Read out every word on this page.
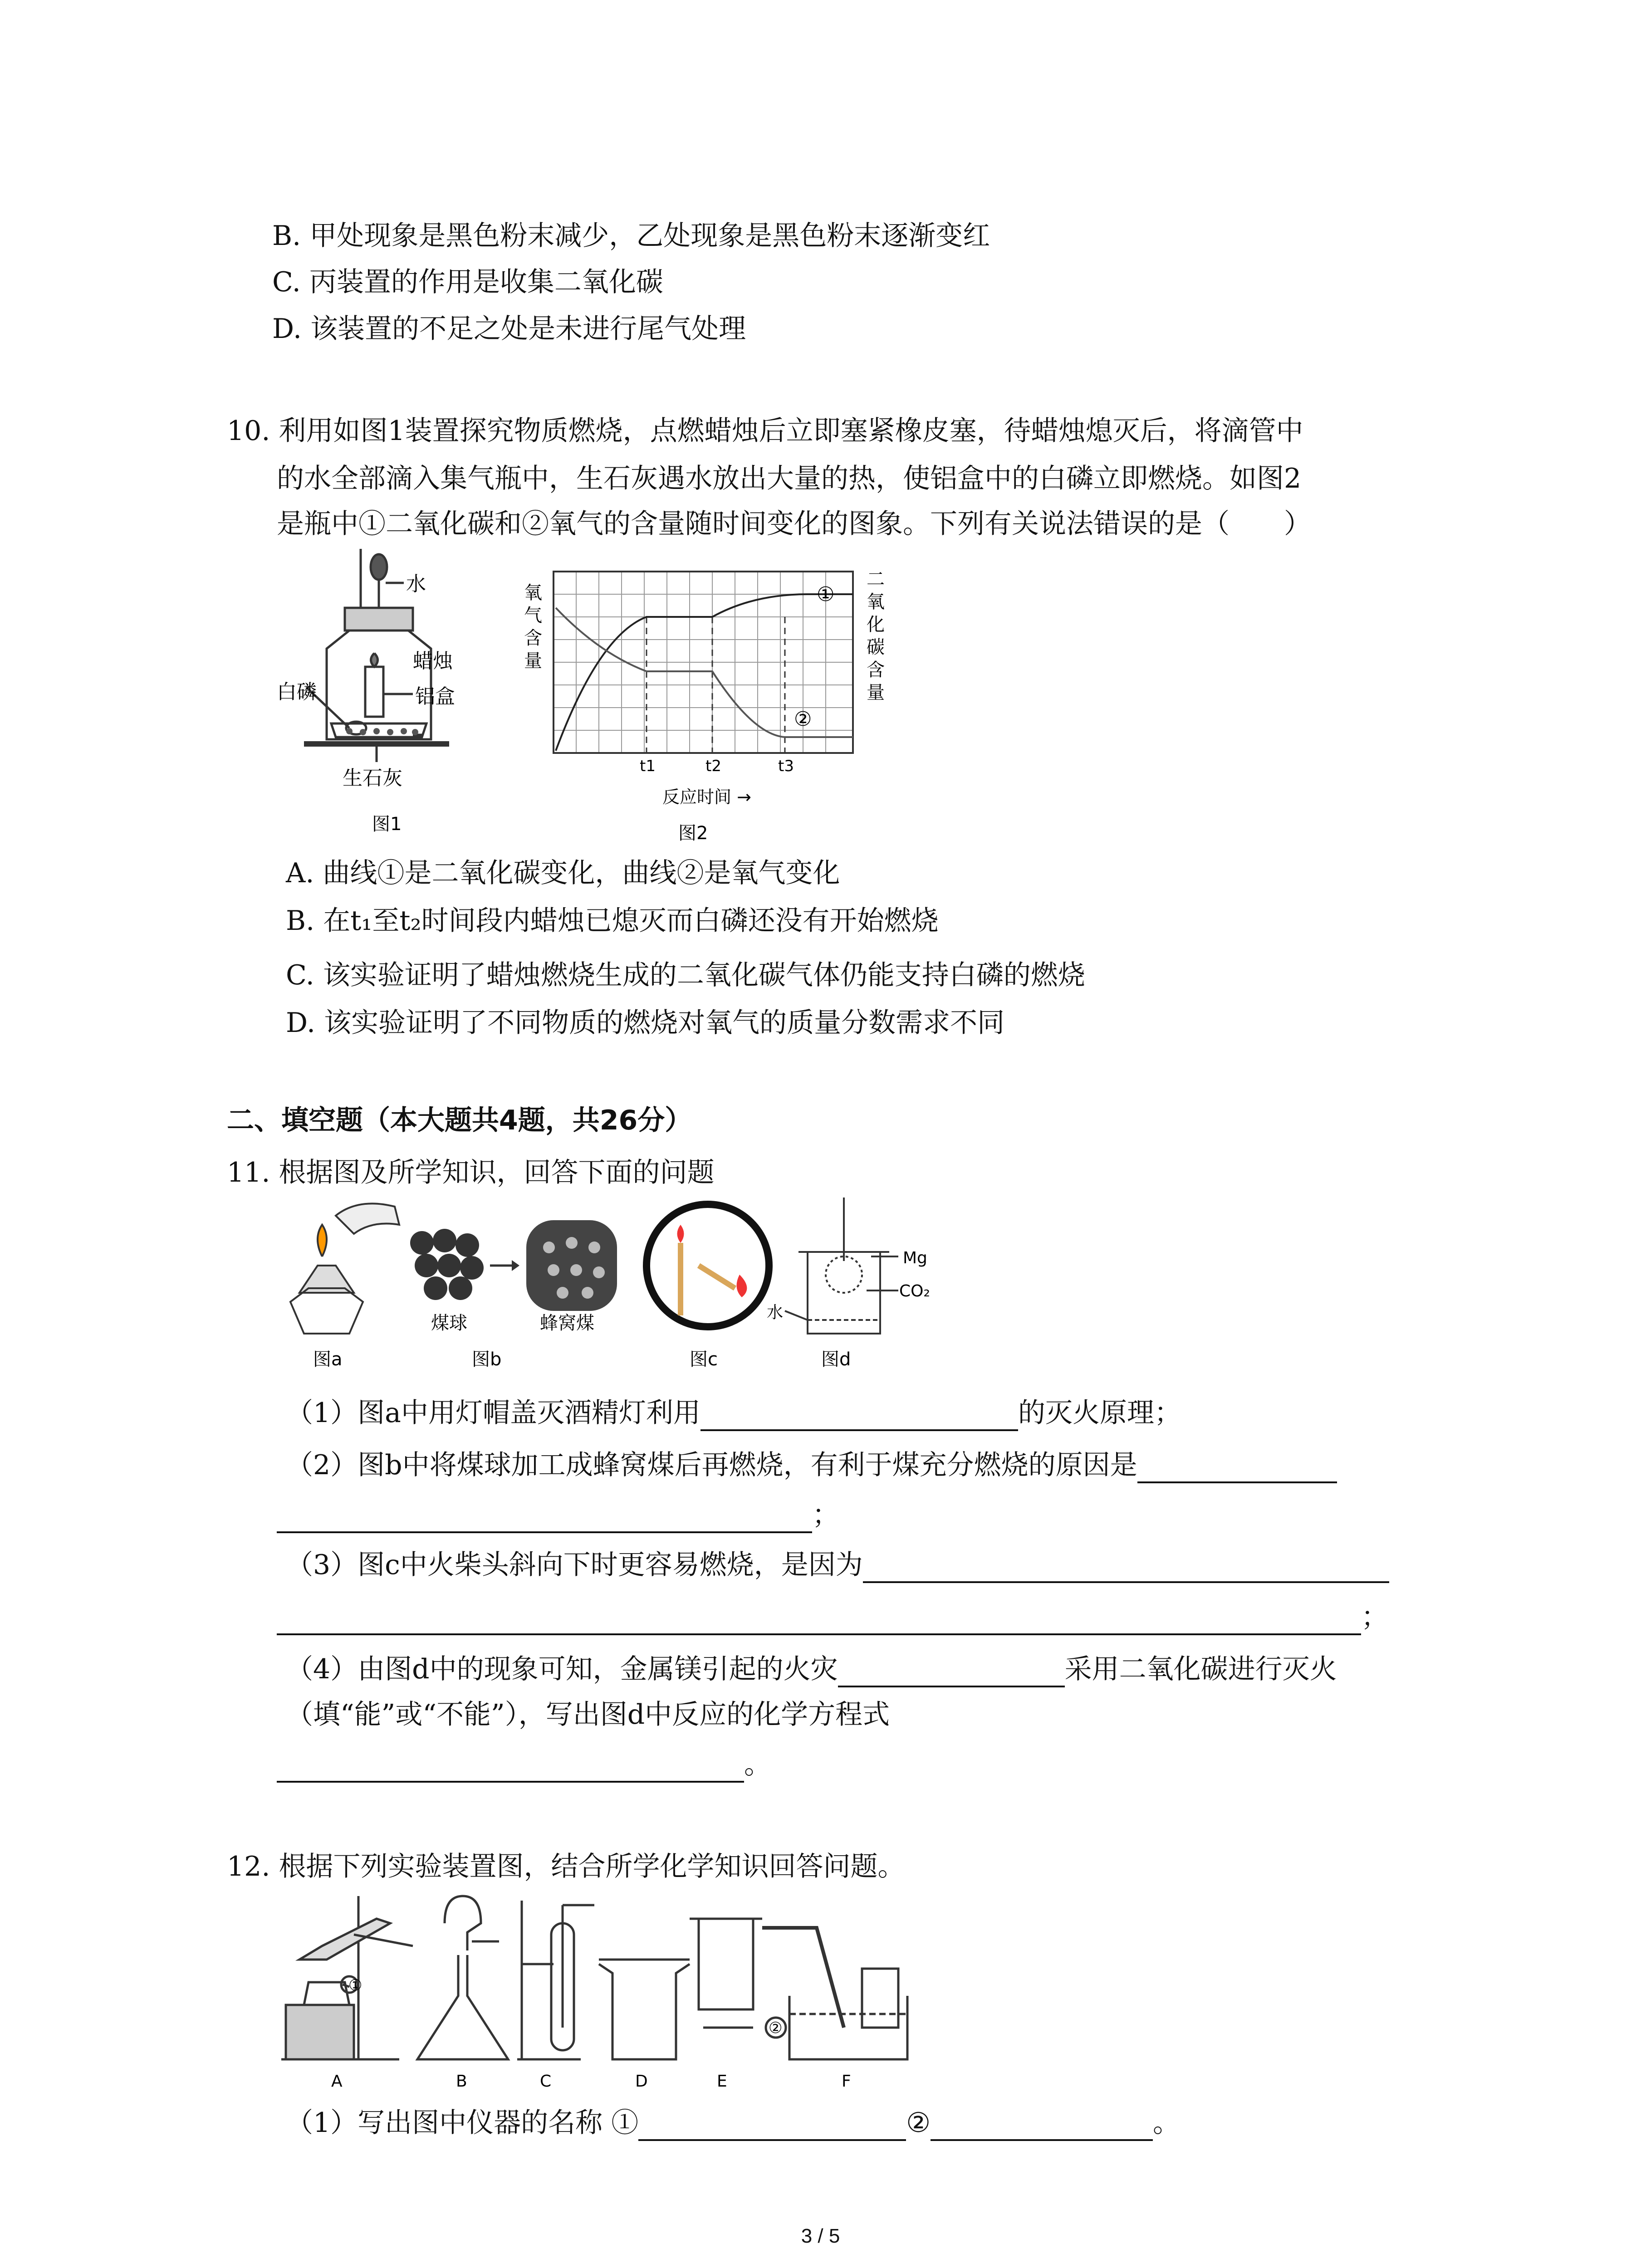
B. 甲处现象是黑色粉末减少，乙处现象是黑色粉末逐渐变红
C. 丙装置的作用是收集二氧化碳
D. 该装置的不足之处是未进行尾气处理
10. 利用如图1装置探究物质燃烧，点燃蜡烛后立即塞紧橡皮塞，待蜡烛熄灭后，将滴管中
的水全部滴入集气瓶中，生石灰遇水放出大量的热，使铝盒中的白磷立即燃烧。如图2
是瓶中①二氧化碳和②氧气的含量随时间变化的图象。下列有关说法错误的是（　　）
水
蜡烛
白磷	铝盒
生石灰
图1
氧气含量
二氧化碳含量
①
②
t1	t2	t3
反应时间 →
图2
A. 曲线①是二氧化碳变化，曲线②是氧气变化
B. 在t₁至t₂时间段内蜡烛已熄灭而白磷还没有开始燃烧
C. 该实验证明了蜡烛燃烧生成的二氧化碳气体仍能支持白磷的燃烧
D. 该实验证明了不同物质的燃烧对氧气的质量分数需求不同
二、填空题（本大题共4题，共26分）
11. 根据图及所学知识，回答下面的问题
图a
煤球	蜂窝煤
图b	图c
Mg
CO₂
水
图d
（1）图a中用灯帽盖灭酒精灯利用	的灭火原理；
（2）图b中将煤球加工成蜂窝煤后再燃烧，有利于煤充分燃烧的原因是
；
（3）图c中火柴头斜向下时更容易燃烧，是因为
；
（4）由图d中的现象可知，金属镁引起的火灾	采用二氧化碳进行灭火
（填“能”或“不能”），写出图d中反应的化学方程式
。
12. 根据下列实验装置图，结合所学化学知识回答问题。
①
②
A	B	C	D	E	F
（1）写出图中仪器的名称 ①	②	。
3 / 5
